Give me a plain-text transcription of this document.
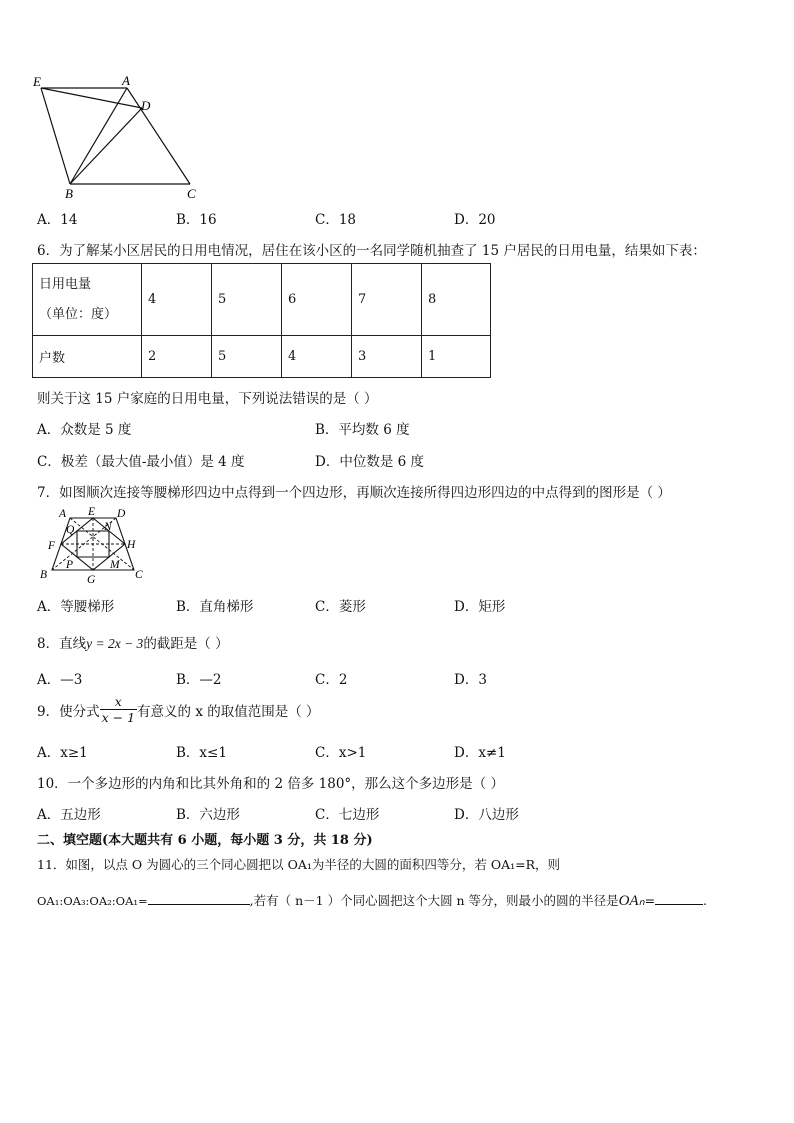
E	A
D
B	C
A．14	B．16	C．18	D．20
6．为了解某小区居民的日用电情况，居住在该小区的一名同学随机抽查了 15 户居民的日用电量，结果如下表：
日用电量
（单位：度）	4	5	6	7	8
户数	2	5	4	3	1
则关于这 15 户家庭的日用电量，下列说法错误的是（ ）
A．众数是 5 度	B．平均数 6 度
C．极差（最大值-最小值）是 4 度	D．中位数是 6 度
7．如图顺次连接等腰梯形四边中点得到一个四边形，再顺次连接所得四边形四边的中点得到的图形是（ ）
A E D
Q	N
F	H
B
P	M
G	C
A．等腰梯形	B．直角梯形	C．菱形	D．矩形
8．直线y = 2x − 3的截距是（ ）
A．—3	B．—2	C．2	D．3
9．使分式 $\frac{x}{x - 1}$ 有意义的 x 的取值范围是（ ）
A．x≥1	B．x≤1	C．x>1	D．x≠1
10．一个多边形的内角和比其外角和的 2 倍多 180°，那么这个多边形是（ ）
A．五边形	B．六边形	C．七边形	D．八边形
二、填空题(本大题共有 6 小题，每小题 3 分，共 18 分)
11．如图，以点 O 为圆心的三个同心圆把以 OA₁为半径的大圆的面积四等分，若 OA₁=R，则
OA₁:OA₃:OA₂:OA₁=	,若有（ n－1 ）个同心圆把这个大圆 n 等分，则最小的圆的半径是OAₙ=	.
